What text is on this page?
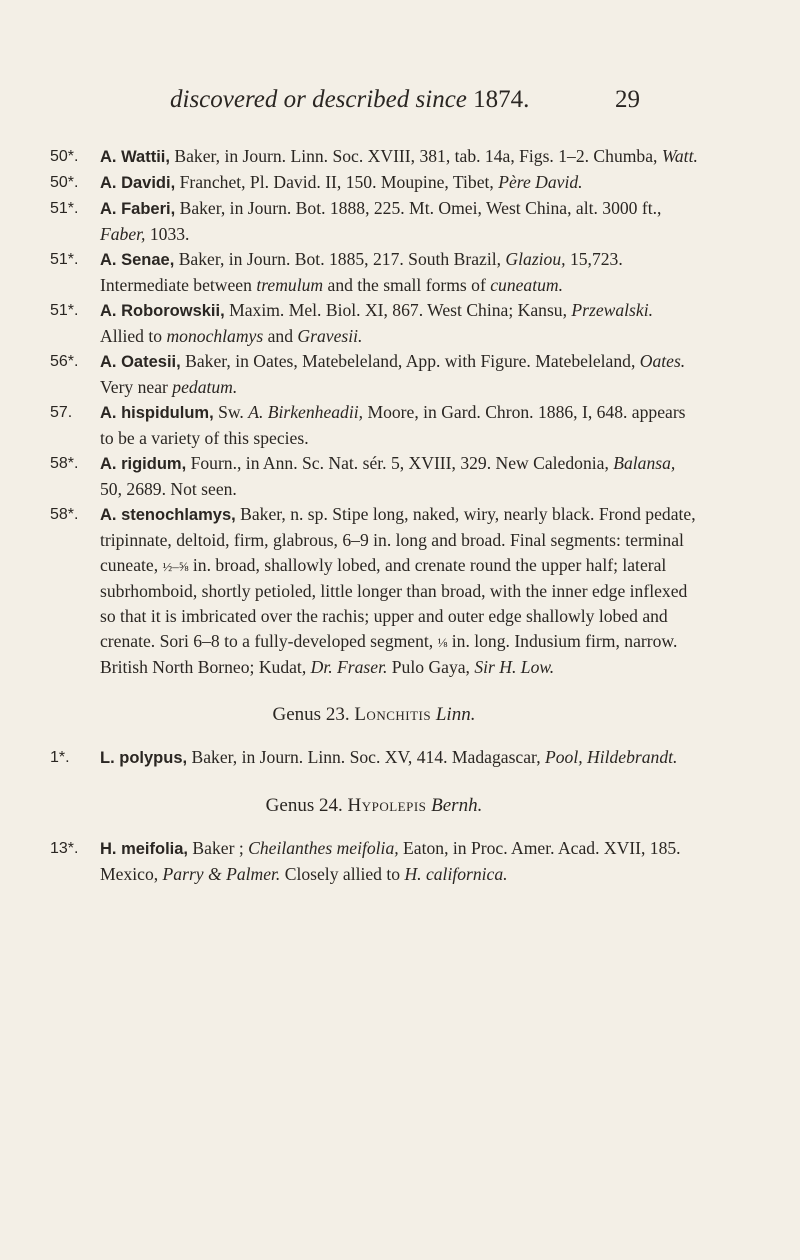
discovered or described since 1874.	29

50*. A. Wattii, Baker, in Journ. Linn. Soc. XVIII, 381, tab. 14a, Figs. 1–2. Chumba, Watt.

50*. A. Davidi, Franchet, Pl. David. II, 150. Moupine, Tibet, Père David.

51*. A. Faberi, Baker, in Journ. Bot. 1888, 225. Mt. Omei, West China, alt. 3000 ft., Faber, 1033.

51*. A. Senae, Baker, in Journ. Bot. 1885, 217. South Brazil, Glaziou, 15,723. Intermediate between tremulum and the small forms of cuneatum.

51*. A. Roborowskii, Maxim. Mel. Biol. XI, 867. West China; Kansu, Przewalski. Allied to monochlamys and Gravesii.

56*. A. Oatesii, Baker, in Oates, Matebeleland, App. with Figure. Matebeleland, Oates. Very near pedatum.

57. A. hispidulum, Sw. A. Birkenheadii, Moore, in Gard. Chron. 1886, I, 648. appears to be a variety of this species.

58*. A. rigidum, Fourn., in Ann. Sc. Nat. sér. 5, XVIII, 329. New Caledonia, Balansa, 50, 2689. Not seen.

58*. A. stenochlamys, Baker, n. sp. Stipe long, naked, wiry, nearly black. Frond pedate, tripinnate, deltoid, firm, glabrous, 6–9 in. long and broad. Final segments: terminal cuneate, ½–⅝ in. broad, shallowly lobed, and crenate round the upper half; lateral subrhomboid, shortly petioled, little longer than broad, with the inner edge inflexed so that it is imbricated over the rachis; upper and outer edge shallowly lobed and crenate. Sori 6–8 to a fully-developed segment, ⅛ in. long. Indusium firm, narrow. British North Borneo; Kudat, Dr. Fraser. Pulo Gaya, Sir H. Low.

Genus 23. Lonchitis Linn.

1*. L. polypus, Baker, in Journ. Linn. Soc. XV, 414. Madagascar, Pool, Hildebrandt.

Genus 24. Hypolepis Bernh.

13*. H. meifolia, Baker ; Cheilanthes meifolia, Eaton, in Proc. Amer. Acad. XVII, 185. Mexico, Parry & Palmer. Closely allied to H. californica.
